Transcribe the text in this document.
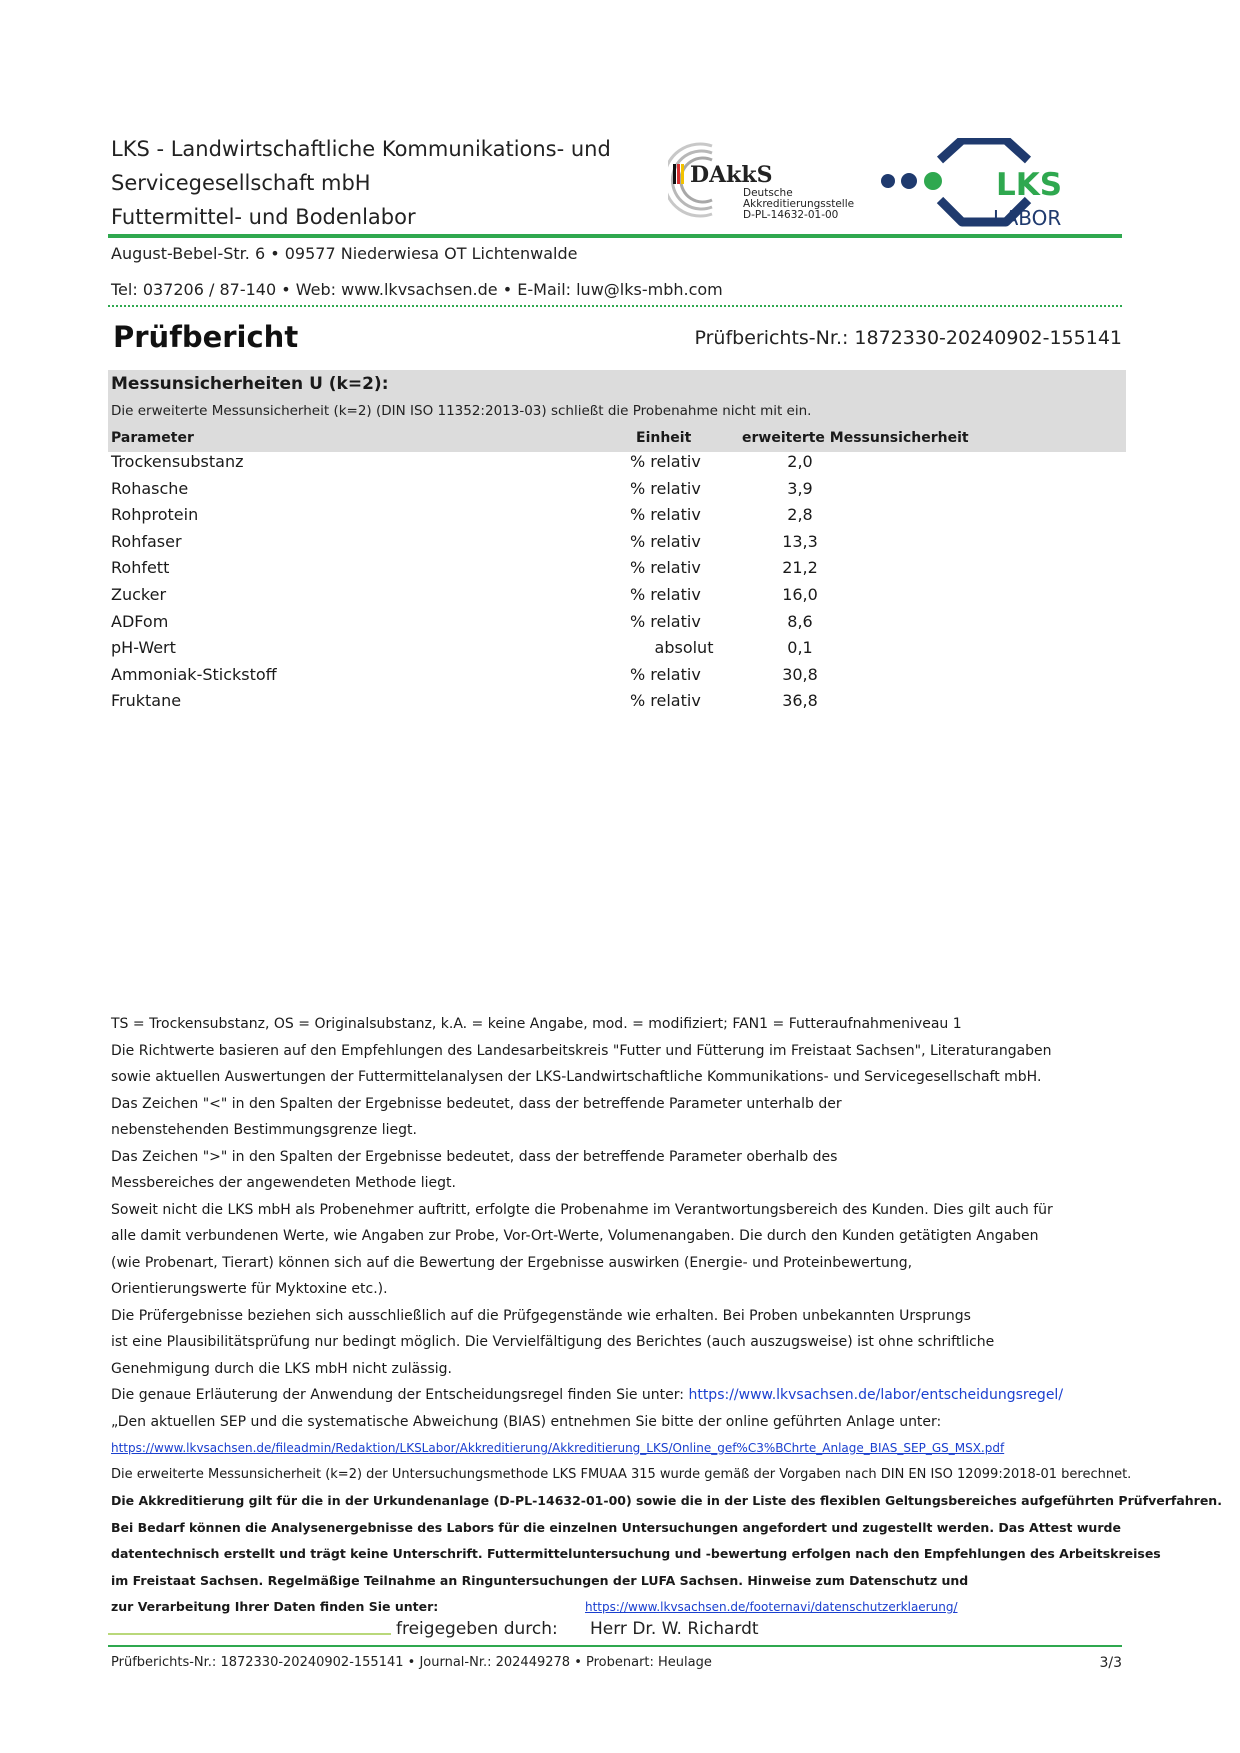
LKS - Landwirtschaftliche Kommunikations- und
Servicegesellschaft mbH
Futtermittel- und Bodenlabor
DAkkS
Deutsche
Akkreditierungsstelle
D-PL-14632-01-00
LKS
LABOR
August-Bebel-Str. 6 • 09577 Niederwiesa OT Lichtenwalde
Tel: 037206 / 87-140 • Web: www.lkvsachsen.de • E-Mail: luw@lks-mbh.com
Prüfbericht	Prüfberichts-Nr.: 1872330-20240902-155141
Messunsicherheiten U (k=2):
Die erweiterte Messunsicherheit (k=2) (DIN ISO 11352:2013-03) schließt die Probenahme nicht mit ein.
Parameter	Einheit	erweiterte Messunsicherheit
Trockensubstanz	% relativ	2,0
Rohasche	% relativ	3,9
Rohprotein	% relativ	2,8
Rohfaser	% relativ	13,3
Rohfett	% relativ	21,2
Zucker	% relativ	16,0
ADFom	% relativ	8,6
pH-Wert	absolut	0,1
Ammoniak-Stickstoff	% relativ	30,8
Fruktane	% relativ	36,8
TS = Trockensubstanz, OS = Originalsubstanz, k.A. = keine Angabe, mod. = modifiziert; FAN1 = Futteraufnahmeniveau 1
Die Richtwerte basieren auf den Empfehlungen des Landesarbeitskreis "Futter und Fütterung im Freistaat Sachsen", Literaturangaben
sowie aktuellen Auswertungen der Futtermittelanalysen der LKS-Landwirtschaftliche Kommunikations- und Servicegesellschaft mbH.
Das Zeichen "<" in den Spalten der Ergebnisse bedeutet, dass der betreffende Parameter unterhalb der
nebenstehenden Bestimmungsgrenze liegt.
Das Zeichen ">" in den Spalten der Ergebnisse bedeutet, dass der betreffende Parameter oberhalb des
Messbereiches der angewendeten Methode liegt.
Soweit nicht die LKS mbH als Probenehmer auftritt, erfolgte die Probenahme im Verantwortungsbereich des Kunden. Dies gilt auch für
alle damit verbundenen Werte, wie Angaben zur Probe, Vor-Ort-Werte, Volumenangaben. Die durch den Kunden getätigten Angaben
(wie Probenart, Tierart) können sich auf die Bewertung der Ergebnisse auswirken (Energie- und Proteinbewertung,
Orientierungswerte für Myktoxine etc.).
Die Prüfergebnisse beziehen sich ausschließlich auf die Prüfgegenstände wie erhalten. Bei Proben unbekannten Ursprungs
ist eine Plausibilitätsprüfung nur bedingt möglich. Die Vervielfältigung des Berichtes (auch auszugsweise) ist ohne schriftliche
Genehmigung durch die LKS mbH nicht zulässig.
Die genaue Erläuterung der Anwendung der Entscheidungsregel finden Sie unter: https://www.lkvsachsen.de/labor/entscheidungsregel/
„Den aktuellen SEP und die systematische Abweichung (BIAS) entnehmen Sie bitte der online geführten Anlage unter:
https://www.lkvsachsen.de/fileadmin/Redaktion/LKSLabor/Akkreditierung/Akkreditierung_LKS/Online_gef%C3%BChrte_Anlage_BIAS_SEP_GS_MSX.pdf
Die erweiterte Messunsicherheit (k=2) der Untersuchungsmethode LKS FMUAA 315 wurde gemäß der Vorgaben nach DIN EN ISO 12099:2018-01 berechnet.
Die Akkreditierung gilt für die in der Urkundenanlage (D-PL-14632-01-00) sowie die in der Liste des flexiblen Geltungsbereiches aufgeführten Prüfverfahren.
Bei Bedarf können die Analysenergebnisse des Labors für die einzelnen Untersuchungen angefordert und zugestellt werden. Das Attest wurde
datentechnisch erstellt und trägt keine Unterschrift. Futtermitteluntersuchung und -bewertung erfolgen nach den Empfehlungen des Arbeitskreises
im Freistaat Sachsen. Regelmäßige Teilnahme an Ringuntersuchungen der LUFA Sachsen. Hinweise zum Datenschutz und
zur Verarbeitung Ihrer Daten finden Sie unter:	https://www.lkvsachsen.de/footernavi/datenschutzerklaerung/
freigegeben durch: Herr Dr. W. Richardt
Prüfberichts-Nr.: 1872330-20240902-155141 • Journal-Nr.: 202449278 • Probenart: Heulage	3/3
